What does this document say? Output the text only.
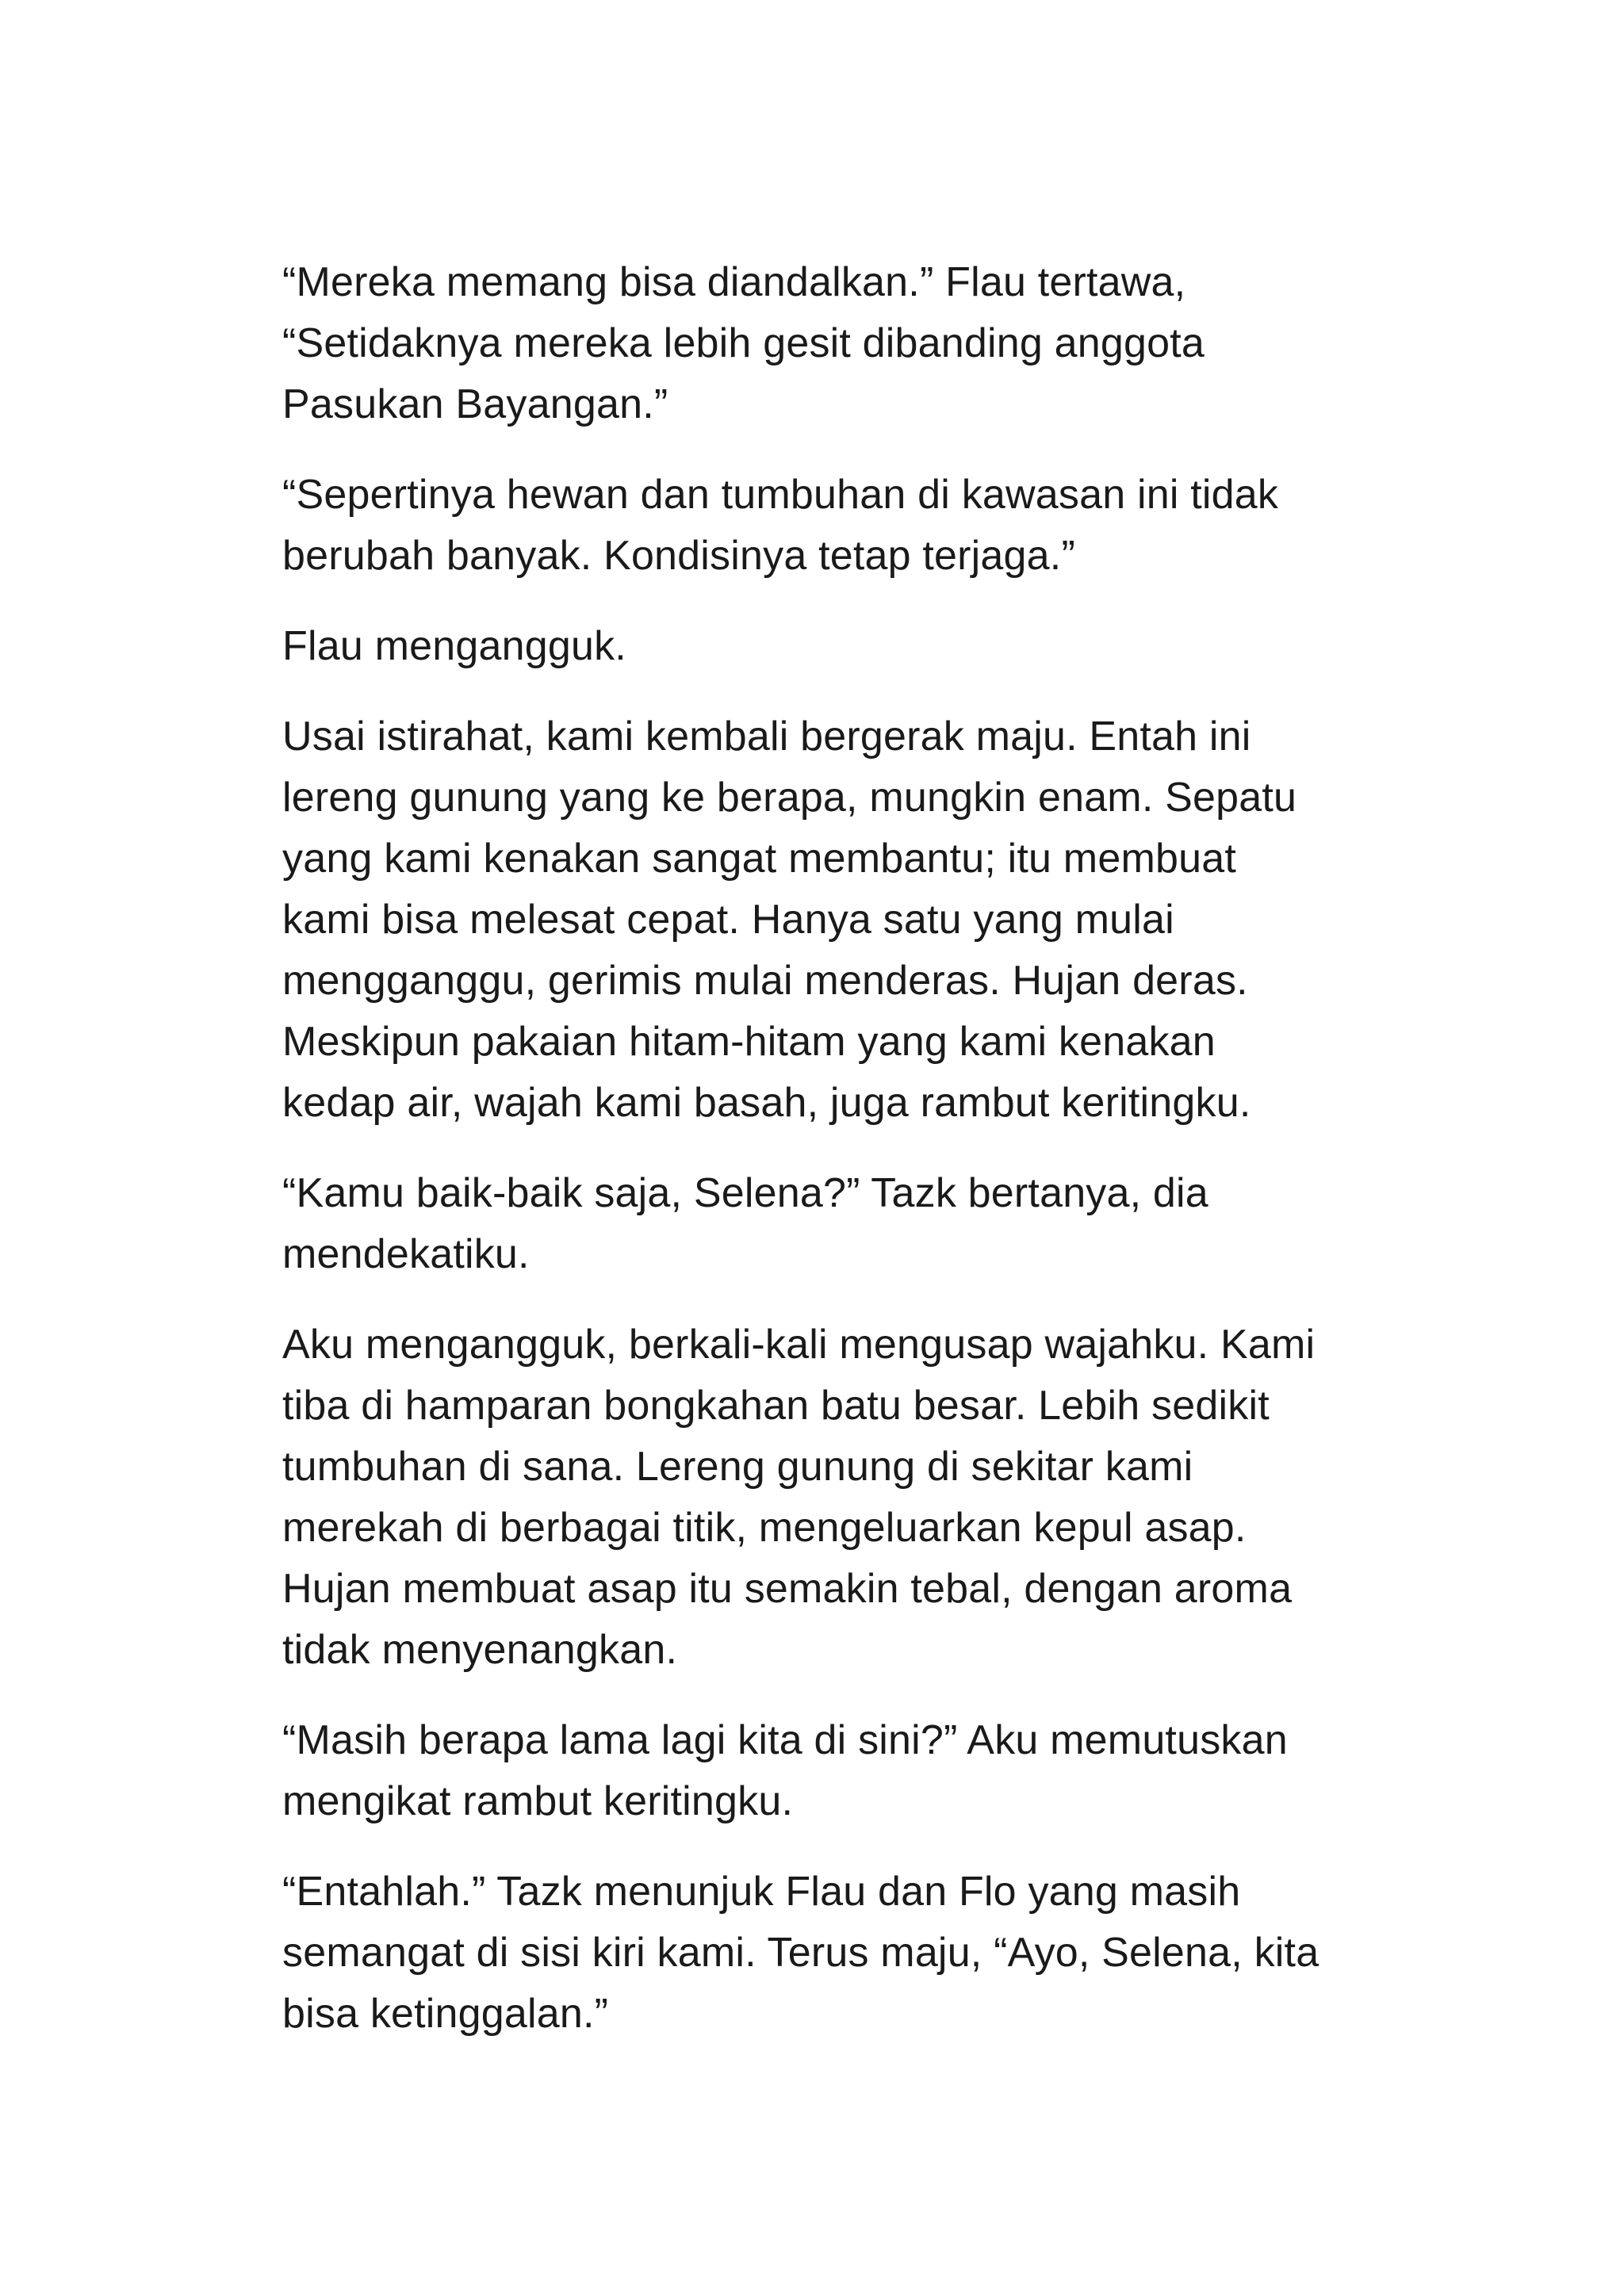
“Mereka memang bisa diandalkan.” Flau tertawa,
“Setidaknya mereka lebih gesit dibanding anggota
Pasukan Bayangan.”

“Sepertinya hewan dan tumbuhan di kawasan ini tidak
berubah banyak. Kondisinya tetap terjaga.”

Flau mengangguk.

Usai istirahat, kami kembali bergerak maju. Entah ini
lereng gunung yang ke berapa, mungkin enam. Sepatu
yang kami kenakan sangat membantu; itu membuat
kami bisa melesat cepat. Hanya satu yang mulai
mengganggu, gerimis mulai menderas. Hujan deras.
Meskipun pakaian hitam-hitam yang kami kenakan
kedap air, wajah kami basah, juga rambut keritingku.

“Kamu baik-baik saja, Selena?” Tazk bertanya, dia
mendekatiku.

Aku mengangguk, berkali-kali mengusap wajahku. Kami
tiba di hamparan bongkahan batu besar. Lebih sedikit
tumbuhan di sana. Lereng gunung di sekitar kami
merekah di berbagai titik, mengeluarkan kepul asap.
Hujan membuat asap itu semakin tebal, dengan aroma
tidak menyenangkan.

“Masih berapa lama lagi kita di sini?” Aku memutuskan
mengikat rambut keritingku.

“Entahlah.” Tazk menunjuk Flau dan Flo yang masih
semangat di sisi kiri kami. Terus maju, “Ayo, Selena, kita
bisa ketinggalan.”
